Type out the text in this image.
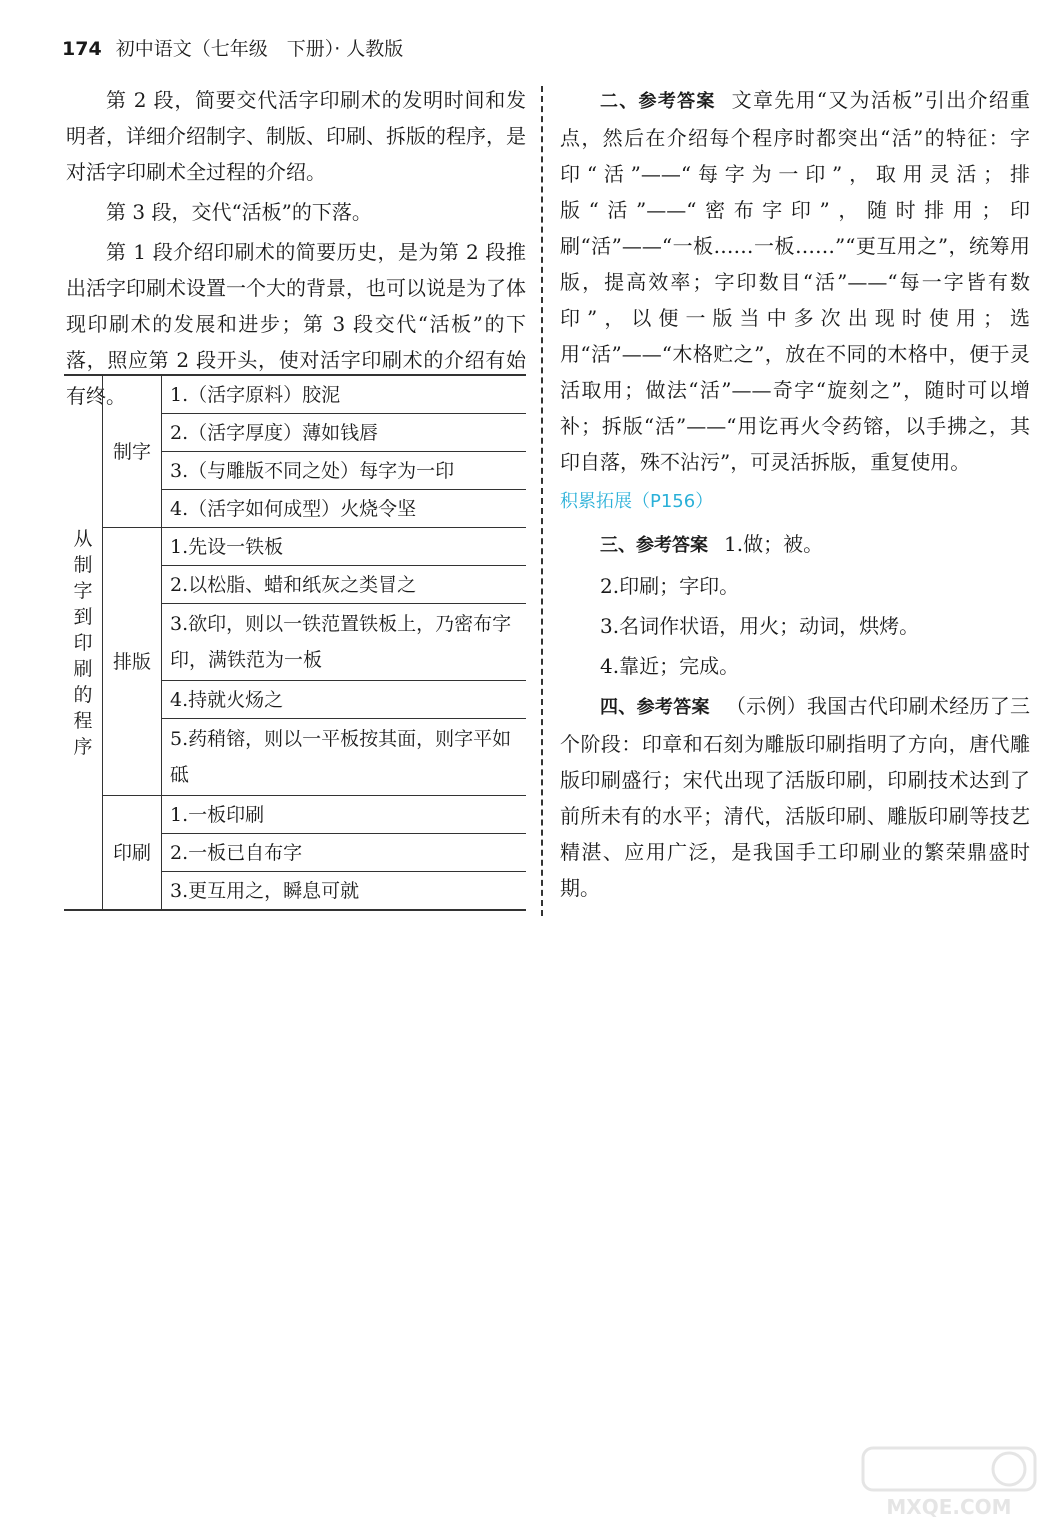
174 初中语文（七年级　下册）· 人教版

第 2 段，简要交代活字印刷术的发明时间和发明者，详细介绍制字、制版、印刷、拆版的程序，是对活字印刷术全过程的介绍。

第 3 段，交代“活板”的下落。

第 1 段介绍印刷术的简要历史，是为第 2 段推出活字印刷术设置一个大的背景，也可以说是为了体现印刷术的发展和进步；第 3 段交代“活板”的下落，照应第 2 段开头，使对活字印刷术的介绍有始有终。

从制字到印刷的程序	制字	1.（活字原料）胶泥
		2.（活字厚度）薄如钱唇
		3.（与雕版不同之处）每字为一印
		4.（活字如何成型）火烧令坚
	排版	1.先设一铁板
		2.以松脂、蜡和纸灰之类冒之
		3.欲印，则以一铁范置铁板上，乃密布字印，满铁范为一板
		4.持就火炀之
		5.药稍镕，则以一平板按其面，则字平如砥
	印刷	1.一板印刷
		2.一板已自布字
		3.更互用之，瞬息可就

二、参考答案 文章先用“又为活板”引出介绍重点，然后在介绍每个程序时都突出“活”的特征：字印“活”——“每字为一印”，取用灵活；排版“活”——“密布字印”，随时排用；印刷“活”——“一板……一板……”“更互用之”，统筹用版，提高效率；字印数目“活”——“每一字皆有数印”，以便一版当中多次出现时使用；选用“活”——“木格贮之”，放在不同的木格中，便于灵活取用；做法“活”——奇字“旋刻之”，随时可以增补；拆版“活”——“用讫再火令药镕，以手拂之，其印自落，殊不沾污”，可灵活拆版，重复使用。

积累拓展（P156）

三、参考答案 1.做；被。

2.印刷；字印。

3.名词作状语，用火；动词，烘烤。

4.靠近；完成。

四、参考答案 （示例）我国古代印刷术经历了三个阶段：印章和石刻为雕版印刷指明了方向，唐代雕版印刷盛行；宋代出现了活版印刷，印刷技术达到了前所未有的水平；清代，活版印刷、雕版印刷等技艺精湛、应用广泛，是我国手工印刷业的繁荣鼎盛时期。

MXQE.COM
